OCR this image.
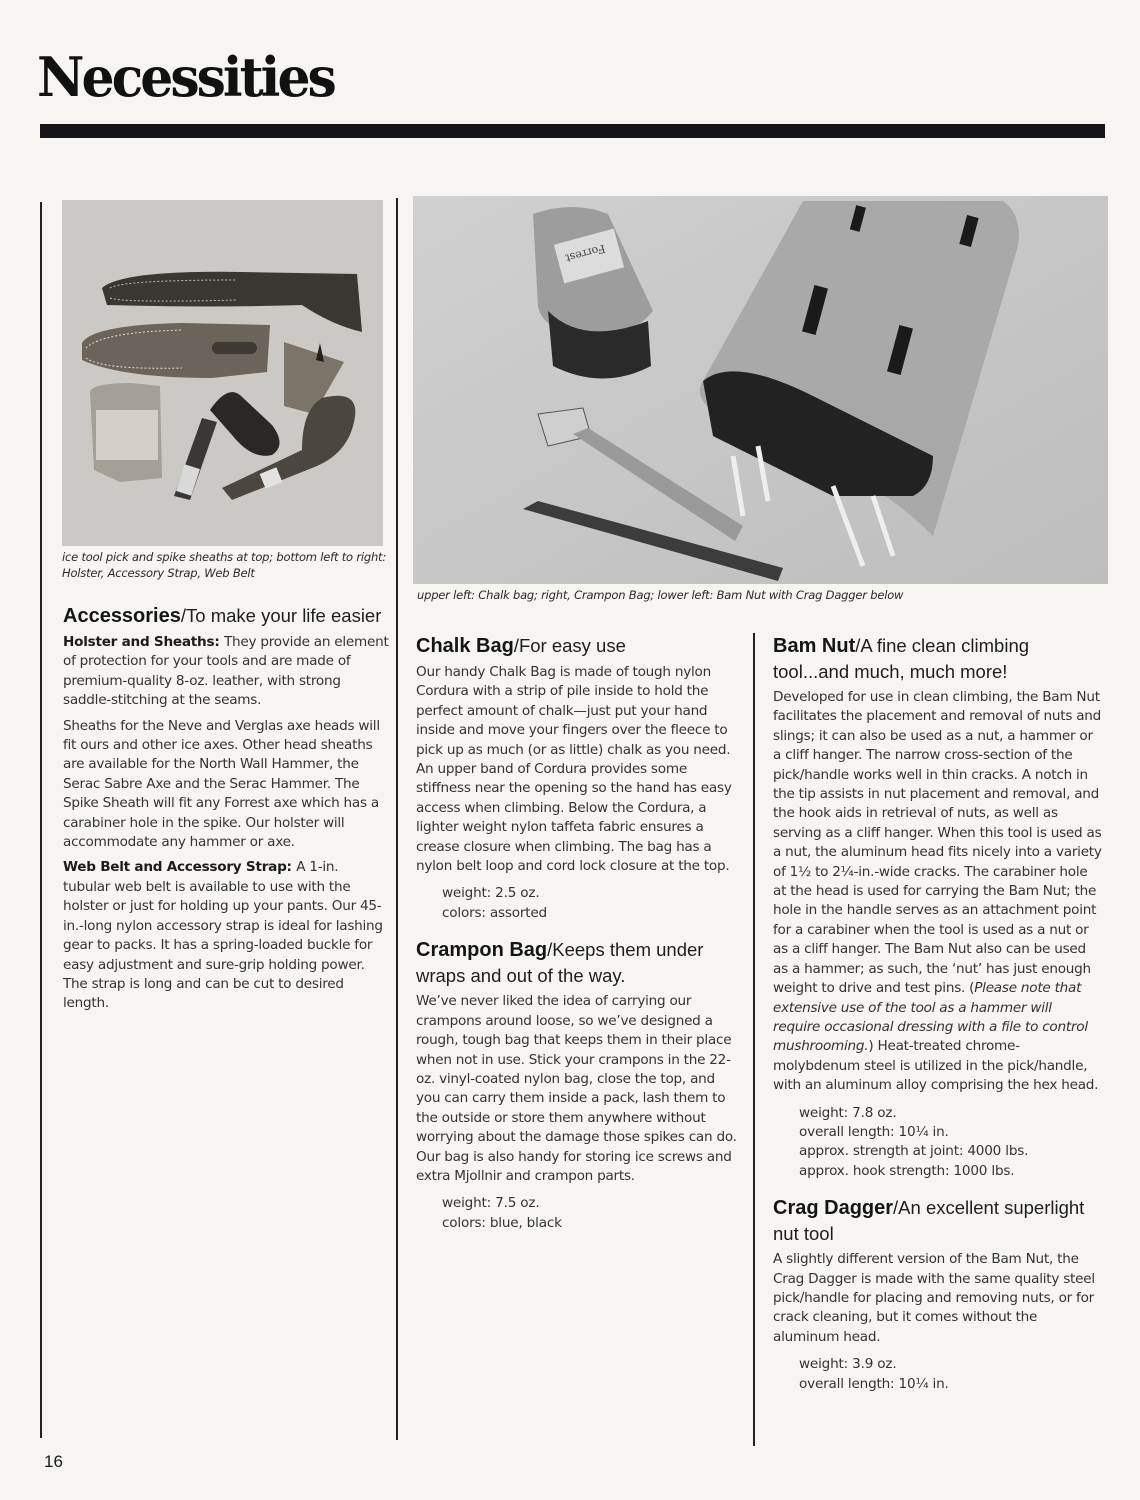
Necessities
ice tool pick and spike sheaths at top; bottom left to right:
Holster, Accessory Strap, Web Belt
Forrest
upper left: Chalk bag; right, Crampon Bag; lower left: Bam Nut with Crag Dagger below
Accessories/To make your life easier

Holster and Sheaths: They provide an element of protection for your tools and are made of premium-quality 8-oz. leather, with strong saddle-stitching at the seams.

Sheaths for the Neve and Verglas axe heads will fit ours and other ice axes. Other head sheaths are available for the North Wall Hammer, the Serac Sabre Axe and the Serac Hammer. The Spike Sheath will fit any Forrest axe which has a carabiner hole in the spike. Our holster will accommodate any hammer or axe.

Web Belt and Accessory Strap: A 1-in. tubular web belt is available to use with the holster or just for holding up your pants. Our 45-in.-long nylon accessory strap is ideal for lashing gear to packs. It has a spring-loaded buckle for easy adjustment and sure-grip holding power. The strap is long and can be cut to desired length.

Chalk Bag/For easy use

Our handy Chalk Bag is made of tough nylon Cordura with a strip of pile inside to hold the perfect amount of chalk—just put your hand inside and move your fingers over the fleece to pick up as much (or as little) chalk as you need. An upper band of Cordura provides some stiffness near the opening so the hand has easy access when climbing. Below the Cordura, a lighter weight nylon taffeta fabric ensures a crease closure when climbing. The bag has a nylon belt loop and cord lock closure at the top.

weight: 2.5 oz.
colors: assorted
Crampon Bag/Keeps them under wraps and out of the way.

We’ve never liked the idea of carrying our crampons around loose, so we’ve designed a rough, tough bag that keeps them in their place when not in use. Stick your crampons in the 22-oz. vinyl-coated nylon bag, close the top, and you can carry them inside a pack, lash them to the outside or store them anywhere without worrying about the damage those spikes can do. Our bag is also handy for storing ice screws and extra Mjollnir and crampon parts.

weight: 7.5 oz.
colors: blue, black
Bam Nut/A fine clean climbing tool...and much, much more!

Developed for use in clean climbing, the Bam Nut facilitates the placement and removal of nuts and slings; it can also be used as a nut, a hammer or a cliff hanger. The narrow cross-section of the pick/handle works well in thin cracks. A notch in the tip assists in nut placement and removal, and the hook aids in retrieval of nuts, as well as serving as a cliff hanger. When this tool is used as a nut, the aluminum head fits nicely into a variety of 1½ to 2¼-in.-wide cracks. The carabiner hole at the head is used for carrying the Bam Nut; the hole in the handle serves as an attachment point for a carabiner when the tool is used as a nut or as a cliff hanger. The Bam Nut also can be used as a hammer; as such, the ‘nut’ has just enough weight to drive and test pins. (Please note that extensive use of the tool as a hammer will require occasional dressing with a file to control mushrooming.) Heat-treated chrome-molybdenum steel is utilized in the pick/handle, with an aluminum alloy comprising the hex head.

weight: 7.8 oz.
overall length: 10¼ in.
approx. strength at joint: 4000 lbs.
approx. hook strength: 1000 lbs.
Crag Dagger/An excellent superlight nut tool

A slightly different version of the Bam Nut, the Crag Dagger is made with the same quality steel pick/handle for placing and removing nuts, or for crack cleaning, but it comes without the aluminum head.

weight: 3.9 oz.
overall length: 10¼ in.
16
